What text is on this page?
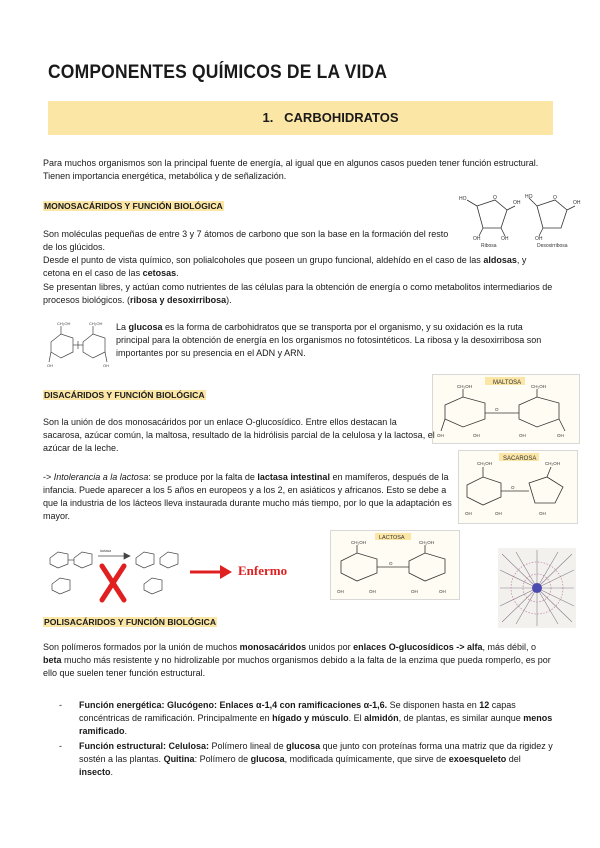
COMPONENTES QUÍMICOS DE LA VIDA
1. CARBOHIDRATOS
Para muchos organismos son la principal fuente de energía, al igual que en algunos casos pueden tener función estructural. Tienen importancia energética, metabólica y de señalización.
MONOSACÁRIDOS Y FUNCIÓN BIOLÓGICA
HO	O
OH
OH	OH
HO	O
OH
OH
Ribosa	Desoxirribosa
Son moléculas pequeñas de entre 3 y 7 átomos de carbono que son la base en la formación del resto de los glúcidos.
Desde el punto de vista químico, son polialcoholes que poseen un grupo funcional, aldehído en el caso de las aldosas, y cetona en el caso de las cetosas.
Se presentan libres, y actúan como nutrientes de las células para la obtención de energía o como metabolitos intermediarios de procesos biológicos. (ribosa y desoxirribosa).
CH₂OH	CH₂OH
OH	OH
La glucosa es la forma de carbohidratos que se transporta por el organismo, y su oxidación es la ruta principal para la obtención de energía en los organismos no fotosintéticos. La ribosa y la desoxirribosa son importantes por su presencia en el ADN y ARN.
DISACÁRIDOS Y FUNCIÓN BIOLÓGICA
MALTOSA
O
CH₂OH	CH₂OH
OH	OH	OH	OH
SACAROSA
O
CH₂OH	CH₂OH
OH	OH	OH
Son la unión de dos monosacáridos por un enlace O-glucosídico. Entre ellos destacan la sacarosa, azúcar común, la maltosa, resultado de la hidrólisis parcial de la celulosa y la lactosa, el azúcar de la leche.
-> Intolerancia a la lactosa: se produce por la falta de lactasa intestinal en mamíferos, después de la infancia. Puede aparecer a los 5 años en europeos y a los 2, en asiáticos y africanos. Esto se debe a que la industria de los lácteos lleva instaurada durante mucho más tiempo, por lo que la adaptación es mayor.
lactasa
Enfermo
LACTOSA
O
CH₂OH	CH₂OH
OH	OH	OH	OH
POLISACÁRIDOS Y FUNCIÓN BIOLÓGICA
Son polímeros formados por la unión de muchos monosacáridos unidos por enlaces O-glucosídicos -> alfa, más débil, o beta mucho más resistente y no hidrolizable por muchos organismos debido a la falta de la enzima que pueda romperlo, es por ello que suelen tener función estructural.
- Función energética: Glucógeno: Enlaces α-1,4 con ramificaciones α-1,6. Se disponen hasta en 12 capas concéntricas de ramificación. Principalmente en hígado y músculo. El almidón, de plantas, es similar aunque menos ramificado.
- Función estructural: Celulosa: Polímero lineal de glucosa que junto con proteínas forma una matriz que da rigidez y sostén a las plantas. Quitina: Polímero de glucosa, modificada químicamente, que sirve de exoesqueleto del insecto.
